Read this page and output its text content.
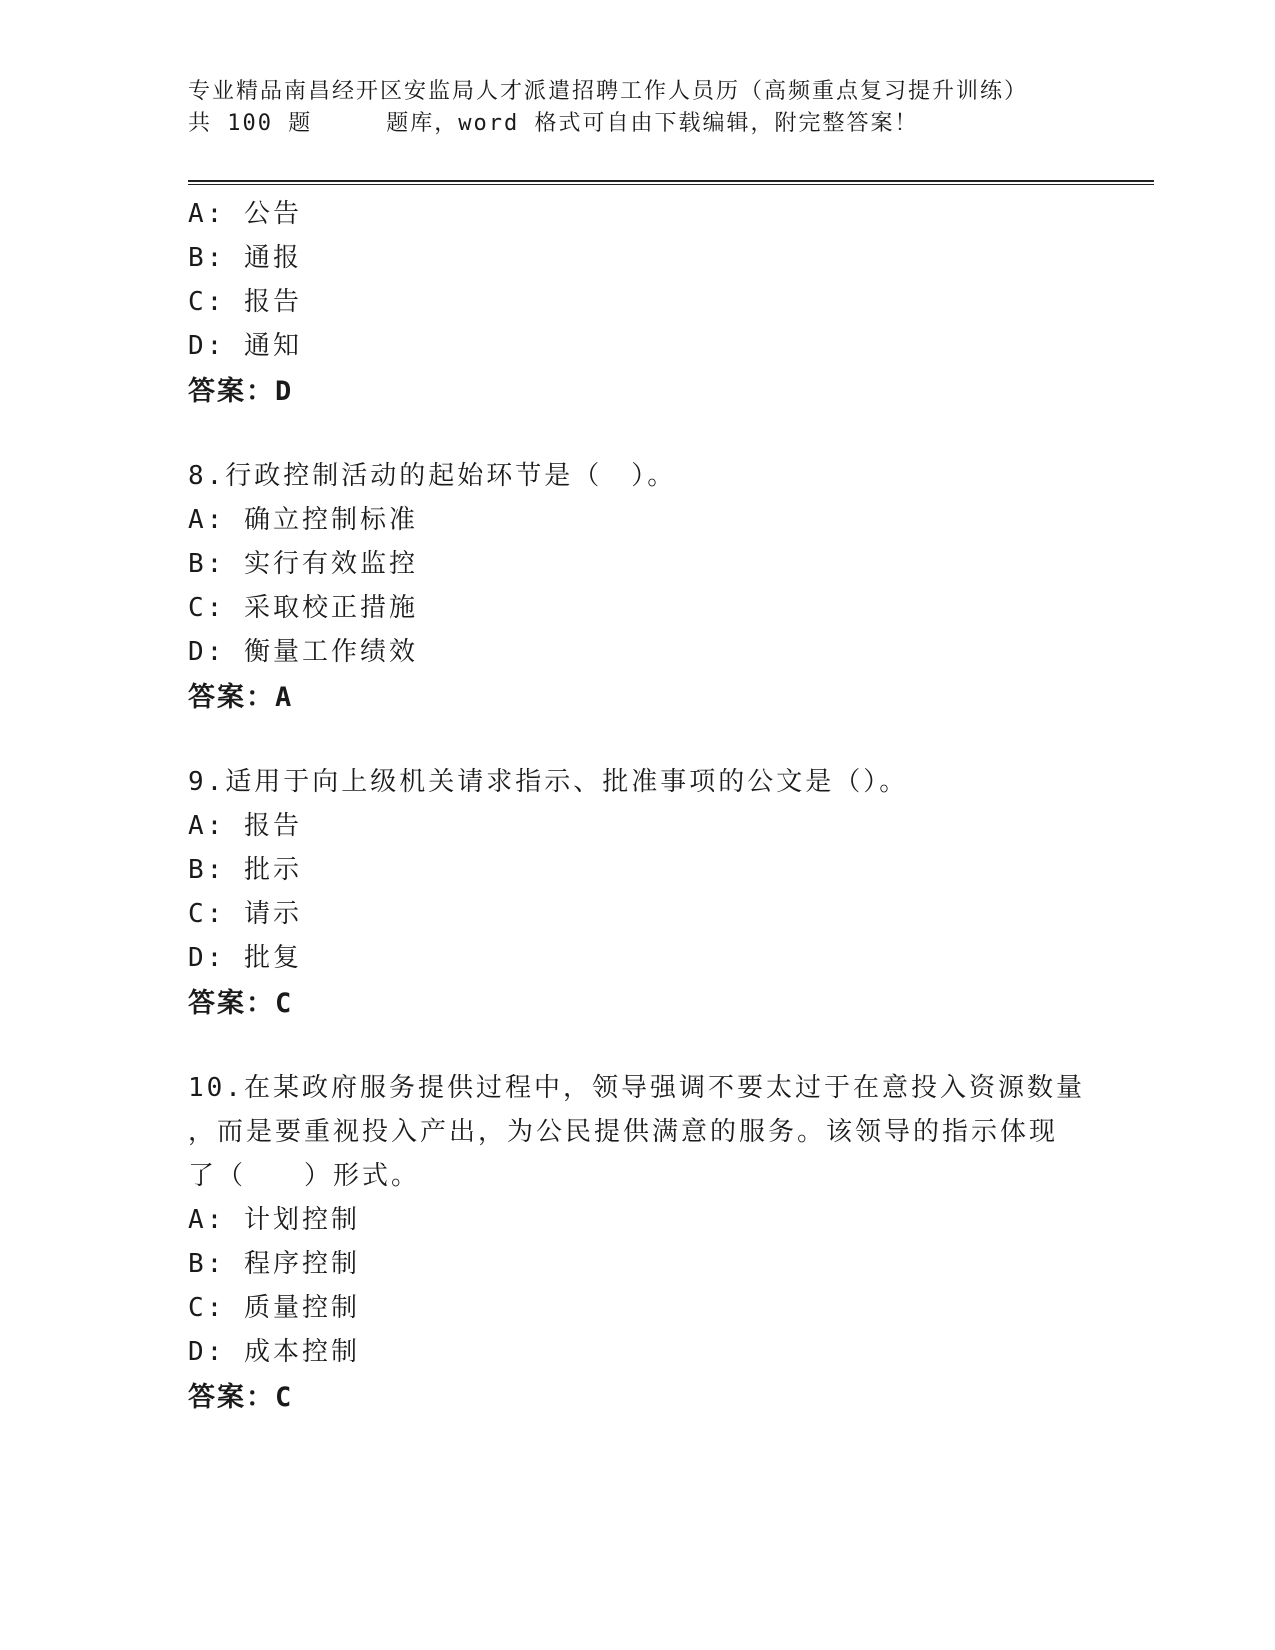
专业精品南昌经开区安监局人才派遣招聘工作人员历（高频重点复习提升训练）
共 100 题	题库，word 格式可自由下载编辑，附完整答案！
A: 公告
B: 通报
C: 报告
D: 通知
答案：D
8.行政控制活动的起始环节是（　）。
A: 确立控制标准
B: 实行有效监控
C: 采取校正措施
D: 衡量工作绩效
答案：A
9.适用于向上级机关请求指示、批准事项的公文是（）。
A: 报告
B: 批示
C: 请示
D: 批复
答案：C
10.在某政府服务提供过程中，领导强调不要太过于在意投入资源数量
，而是要重视投入产出，为公民提供满意的服务。该领导的指示体现
了（　　）形式。
A: 计划控制
B: 程序控制
C: 质量控制
D: 成本控制
答案：C
